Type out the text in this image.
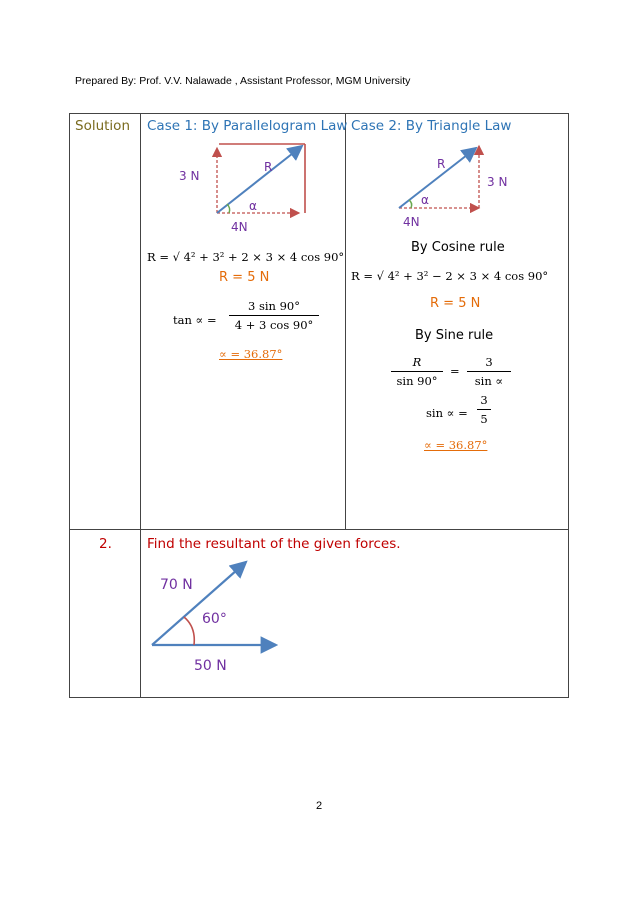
Prepared By: Prof. V.V. Nalawade , Assistant Professor, MGM University
Solution Case 1: By Parallelogram Law Case 2: By Triangle Law
3 N
R
α
4N
R = √ 4² + 3² + 2 × 3 × 4 cos 90°
R = 5 N
tan ∝ =
3 sin 90°
4 + 3 cos 90°
∝ = 36.87°
R
3 N
α
4N
By Cosine rule
R = √ 4² + 3² − 2 × 3 × 4 cos 90°
R = 5 N
By Sine rule
R
sin 90°
=
3
sin ∝
sin ∝ =
3
5
∝ = 36.87°
2.	Find the resultant of the given forces.
70 N
60°
50 N
2
